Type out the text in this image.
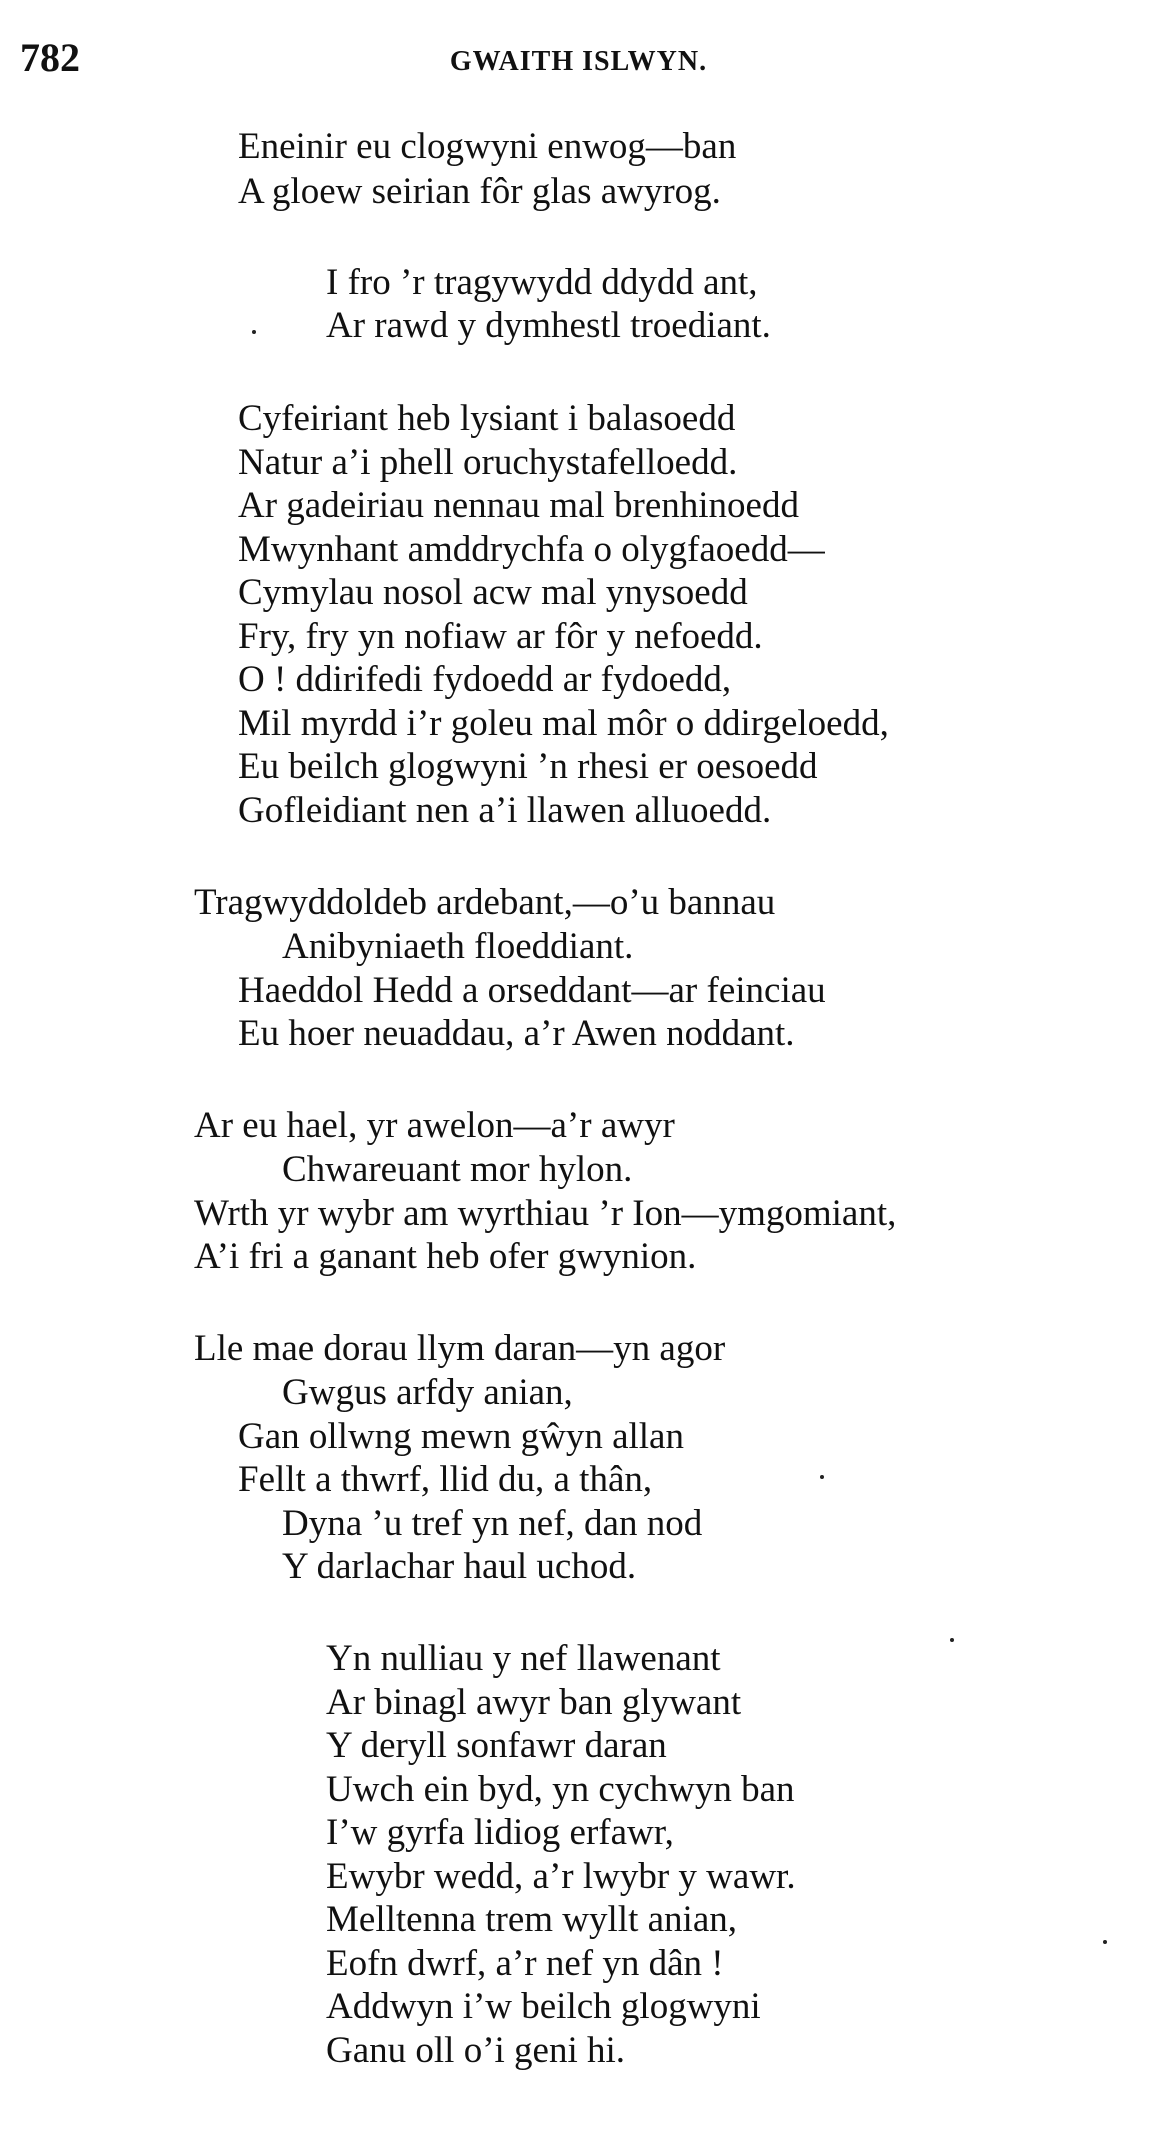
782	GWAITH ISLWYN.
Eneinir eu clogwyni enwog—ban
A gloew seirian fôr glas awyrog.
I fro ’r tragywydd ddydd ant,
Ar rawd y dymhestl troediant.
Cyfeiriant heb lysiant i balasoedd
Natur a’i phell oruchystafelloedd.
Ar gadeiriau nennau mal brenhinoedd
Mwynhant amddrychfa o olygfaoedd—
Cymylau nosol acw mal ynysoedd
Fry, fry yn nofiaw ar fôr y nefoedd.
O ! ddirifedi fydoedd ar fydoedd,
Mil myrdd i’r goleu mal môr o ddirgeloedd,
Eu beilch glogwyni ’n rhesi er oesoedd
Gofleidiant nen a’i llawen alluoedd.
Tragwyddoldeb ardebant,—o’u bannau
Anibyniaeth floeddiant.
Haeddol Hedd a orseddant—ar feinciau
Eu hoer neuaddau, a’r Awen noddant.
Ar eu hael, yr awelon—a’r awyr
Chwareuant mor hylon.
Wrth yr wybr am wyrthiau ’r Ion—ymgomiant,
A’i fri a ganant heb ofer gwynion.
Lle mae dorau llym daran—yn agor
Gwgus arfdy anian,
Gan ollwng mewn gŵyn allan
Fellt a thwrf, llid du, a thân,
Dyna ’u tref yn nef, dan nod
Y darlachar haul uchod.
Yn nulliau y nef llawenant
Ar binagl awyr ban glywant
Y deryll sonfawr daran
Uwch ein byd, yn cychwyn ban
I’w gyrfa lidiog erfawr,
Ewybr wedd, a’r lwybr y wawr.
Melltenna trem wyllt anian,
Eofn dwrf, a’r nef yn dân !
Addwyn i’w beilch glogwyni
Ganu oll o’i geni hi.
